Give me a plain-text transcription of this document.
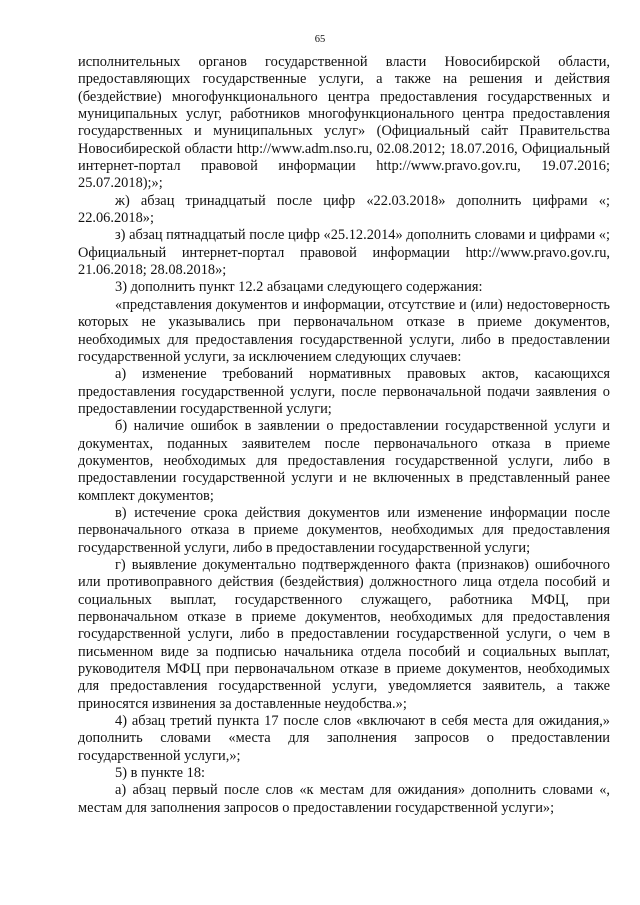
65

исполнительных органов государственной власти Новосибирской области, предоставляющих государственные услуги, а также на решения и действия (бездействие) многофункционального центра предоставления государственных и муниципальных услуг, работников многофункционального центра предоставления государственных и муниципальных услуг» (Официальный сайт Правительства Новосибиреской области http://www.adm.nso.ru, 02.08.2012; 18.07.2016, Официальный интернет-портал правовой информации http://www.pravo.gov.ru, 19.07.2016; 25.07.2018);»;

ж) абзац тринадцатый после цифр «22.03.2018» дополнить цифрами «; 22.06.2018»;

з) абзац пятнадцатый после цифр «25.12.2014» дополнить словами и цифрами «; Официальный интернет-портал правовой информации http://www.pravo.gov.ru, 21.06.2018; 28.08.2018»;

3) дополнить пункт 12.2 абзацами следующего содержания:

«представления документов и информации, отсутствие и (или) недостоверность которых не указывались при первоначальном отказе в приеме документов, необходимых для предоставления государственной услуги, либо в предоставлении государственной услуги, за исключением следующих случаев:

а) изменение требований нормативных правовых актов, касающихся предоставления государственной услуги, после первоначальной подачи заявления о предоставлении государственной услуги;

б) наличие ошибок в заявлении о предоставлении государственной услуги и документах, поданных заявителем после первоначального отказа в приеме документов, необходимых для предоставления государственной услуги, либо в предоставлении государственной услуги и не включенных в представленный ранее комплект документов;

в) истечение срока действия документов или изменение информации после первоначального отказа в приеме документов, необходимых для предоставления государственной услуги, либо в предоставлении государственной услуги;

г) выявление документально подтвержденного факта (признаков) ошибочного или противоправного действия (бездействия) должностного лица отдела пособий и социальных выплат, государственного служащего, работника МФЦ, при первоначальном отказе в приеме документов, необходимых для предоставления государственной услуги, либо в предоставлении государственной услуги, о чем в письменном виде за подписью начальника отдела пособий и социальных выплат, руководителя МФЦ при первоначальном отказе в приеме документов, необходимых для предоставления государственной услуги, уведомляется заявитель, а также приносятся извинения за доставленные неудобства.»;

4) абзац третий пункта 17 после слов «включают в себя места для ожидания,» дополнить словами «места для заполнения запросов о предоставлении государственной услуги,»;

5) в пункте 18:

а) абзац первый после слов «к местам для ожидания» дополнить словами «, местам для заполнения запросов о предоставлении государственной услуги»;
